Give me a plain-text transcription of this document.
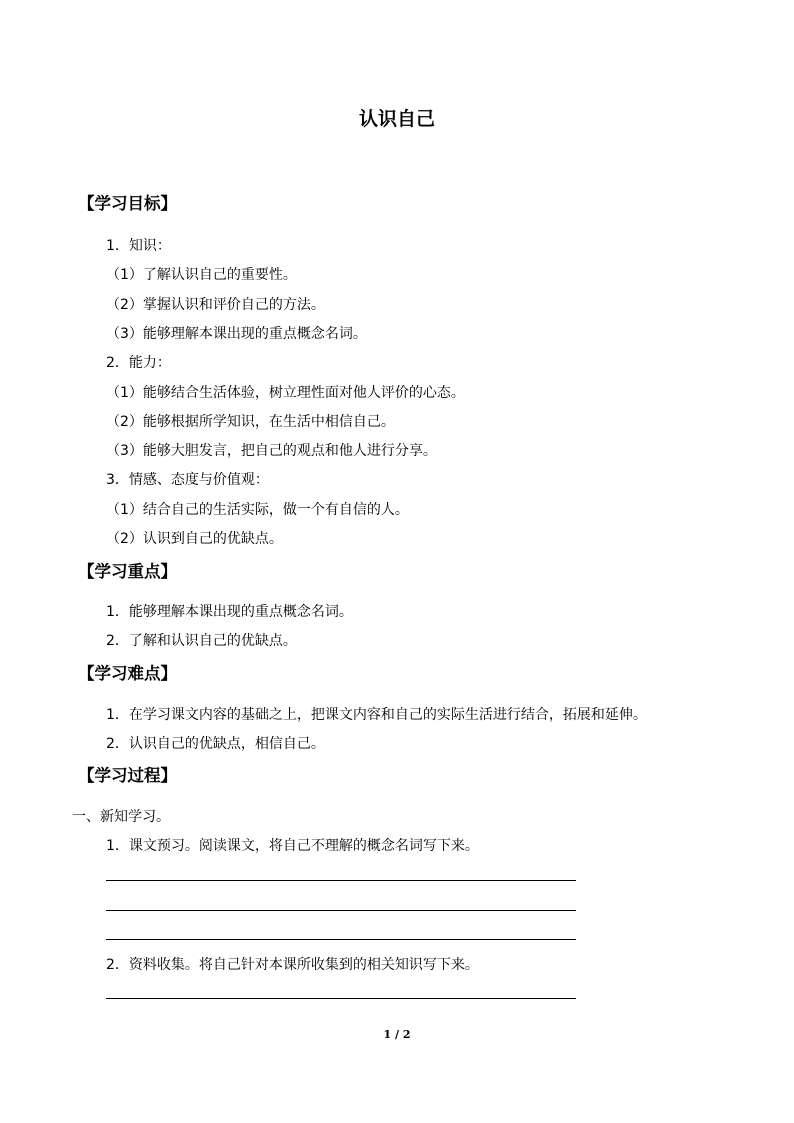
认识自己
【学习目标】
1．知识：
（1）了解认识自己的重要性。
（2）掌握认识和评价自己的方法。
（3）能够理解本课出现的重点概念名词。
2．能力：
（1）能够结合生活体验，树立理性面对他人评价的心态。
（2）能够根据所学知识，在生活中相信自己。
（3）能够大胆发言，把自己的观点和他人进行分享。
3．情感、态度与价值观：
（1）结合自己的生活实际，做一个有自信的人。
（2）认识到自己的优缺点。
【学习重点】
1．能够理解本课出现的重点概念名词。
2．了解和认识自己的优缺点。
【学习难点】
1．在学习课文内容的基础之上，把课文内容和自己的实际生活进行结合，拓展和延伸。
2．认识自己的优缺点，相信自己。
【学习过程】
一、新知学习。
1．课文预习。阅读课文，将自己不理解的概念名词写下来。
2．资料收集。将自己针对本课所收集到的相关知识写下来。
1 / 2
